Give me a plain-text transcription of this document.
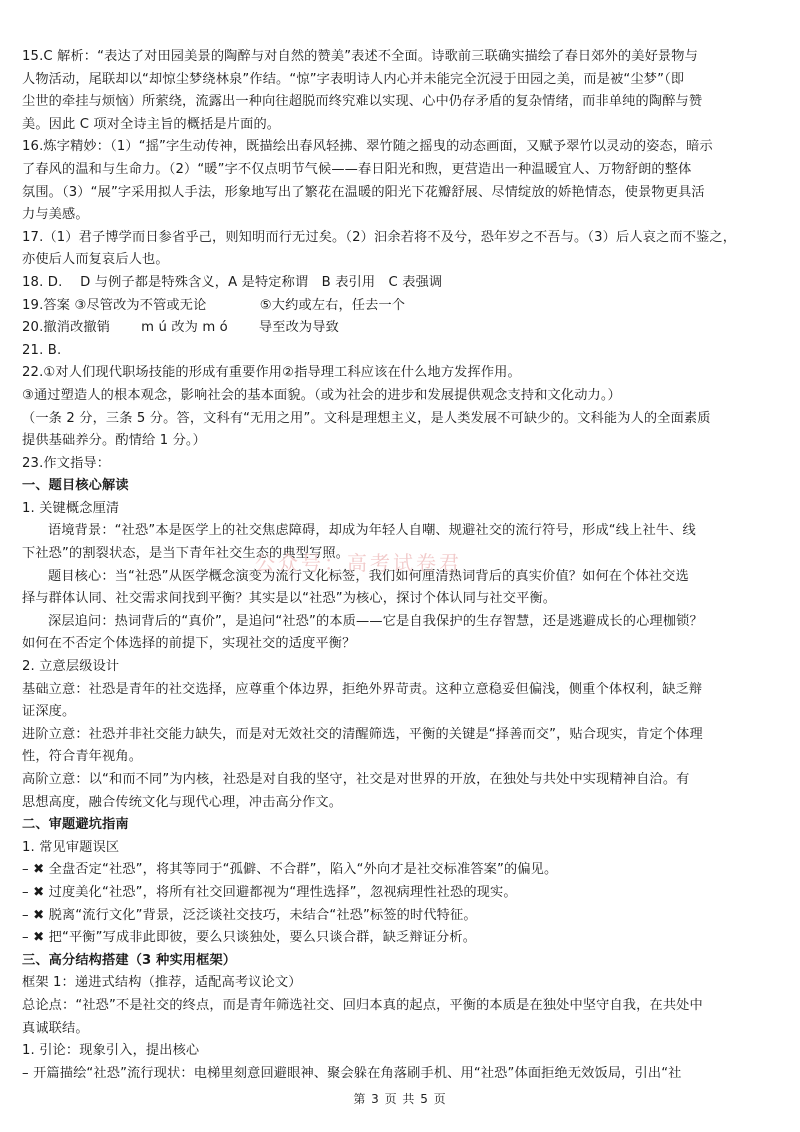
15.C 解析：“表达了对田园美景的陶醉与对自然的赞美”表述不全面。诗歌前三联确实描绘了春日郊外的美好景物与
人物活动，尾联却以“却惊尘梦绕林泉”作结。“惊”字表明诗人内心并未能完全沉浸于田园之美，而是被“尘梦”（即
尘世的牵挂与烦恼）所萦绕，流露出一种向往超脱而终究难以实现、心中仍存矛盾的复杂情绪，而非单纯的陶醉与赞
美。因此 C 项对全诗主旨的概括是片面的。
16.炼字精妙：（1）“摇”字生动传神，既描绘出春风轻拂、翠竹随之摇曳的动态画面，又赋予翠竹以灵动的姿态，暗示
了春风的温和与生命力。（2）“暖”字不仅点明节气候——春日阳光和煦，更营造出一种温暖宜人、万物舒朗的整体
氛围。（3）“展”字采用拟人手法，形象地写出了繁花在温暖的阳光下花瓣舒展、尽情绽放的娇艳情态，使景物更具活
力与美感。
17.（1）君子博学而日参省乎己，则知明而行无过矣。（2）汩余若将不及兮，恐年岁之不吾与。（3）后人哀之而不鉴之，
亦使后人而复哀后人也。
18. D.　 D 与例子都是特殊含义，A 是特定称谓　B 表引用　C 表强调
19.答案 ③尽管改为不管或无论　　　　⑤大约或左右，任去一个
20.撤消改撤销　　 m ú 改为 m ó　　 导至改为导致
21. B.
22.①对人们现代职场技能的形成有重要作用②指导理工科应该在什么地方发挥作用。
③通过塑造人的根本观念，影响社会的基本面貌。（或为社会的进步和发展提供观念支持和文化动力。）
（一条 2 分，三条 5 分。答，文科有“无用之用”。文科是理想主义，是人类发展不可缺少的。文科能为人的全面素质
提供基础养分。酌情给 1 分。）
23.作文指导：
一、题目核心解读
1. 关键概念厘清
语境背景：“社恐”本是医学上的社交焦虑障碍，却成为年轻人自嘲、规避社交的流行符号，形成“线上社牛、线
下社恐”的割裂状态，是当下青年社交生态的典型写照。
题目核心：当“社恐”从医学概念演变为流行文化标签，我们如何厘清热词背后的真实价值？如何在个体社交选
择与群体认同、社交需求间找到平衡？其实是以“社恐”为核心，探讨个体认同与社交平衡。
深层追问：热词背后的“真价”，是追问“社恐”的本质——它是自我保护的生存智慧，还是逃避成长的心理枷锁？
如何在不否定个体选择的前提下，实现社交的适度平衡？
2. 立意层级设计
基础立意：社恐是青年的社交选择，应尊重个体边界，拒绝外界苛责。这种立意稳妥但偏浅，侧重个体权利，缺乏辩
证深度。
进阶立意：社恐并非社交能力缺失，而是对无效社交的清醒筛选，平衡的关键是“择善而交”，贴合现实，肯定个体理
性，符合青年视角。
高阶立意：以“和而不同”为内核，社恐是对自我的坚守，社交是对世界的开放，在独处与共处中实现精神自洽。有
思想高度，融合传统文化与现代心理，冲击高分作文。
二、审题避坑指南
1. 常见审题误区
– ✖ 全盘否定“社恐”，将其等同于“孤僻、不合群”，陷入“外向才是社交标准答案”的偏见。
– ✖ 过度美化“社恐”，将所有社交回避都视为“理性选择”，忽视病理性社恐的现实。
– ✖ 脱离“流行文化”背景，泛泛谈社交技巧，未结合“社恐”标签的时代特征。
– ✖ 把“平衡”写成非此即彼，要么只谈独处，要么只谈合群，缺乏辩证分析。
三、高分结构搭建（3 种实用框架）
框架 1：递进式结构（推荐，适配高考议论文）
总论点：“社恐”不是社交的终点，而是青年筛选社交、回归本真的起点，平衡的本质是在独处中坚守自我，在共处中
真诚联结。
1. 引论：现象引入，提出核心
– 开篇描绘“社恐”流行现状：电梯里刻意回避眼神、聚会躲在角落刷手机、用“社恐”体面拒绝无效饭局，引出“社
公众号：高考试卷君
第 3 页 共 5 页
